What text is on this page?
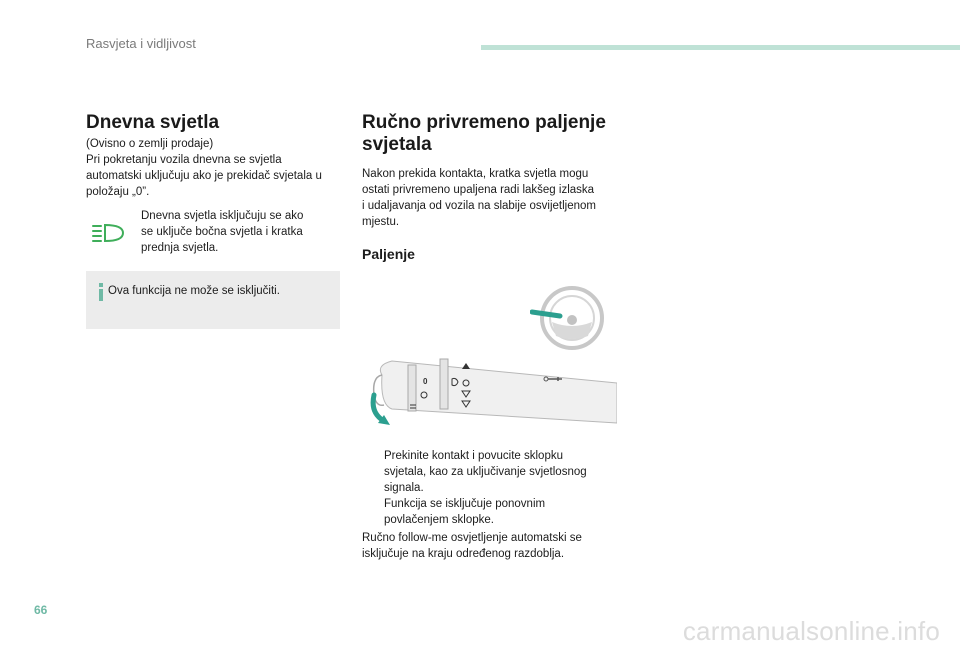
Rasvjeta i vidljivost
Dnevna svjetla

(Ovisno o zemlji prodaje)

Pri pokretanju vozila dnevna se svjetla

automatski uključuju ako je prekidač svjetala u

položaju „0”.

Dnevna svjetla isključuju se ako

se uključe bočna svjetla i kratka

prednja svjetla.

Ova funkcija ne može se isključiti.
Ručno privremeno paljenje
svjetala

Nakon prekida kontakta, kratka svjetla mogu

ostati privremeno upaljena radi lakšeg izlaska

i udaljavanja od vozila na slabije osvijetljenom

mjestu.

Paljenje
0
Prekinite kontakt i povucite sklopku
svjetala, kao za uključivanje svjetlosnog
signala.
Funkcija se isključuje ponovnim
povlačenjem sklopke.

Ručno follow-me osvjetljenje automatski se

isključuje na kraju određenog razdoblja.

66
carmanualsonline.info
